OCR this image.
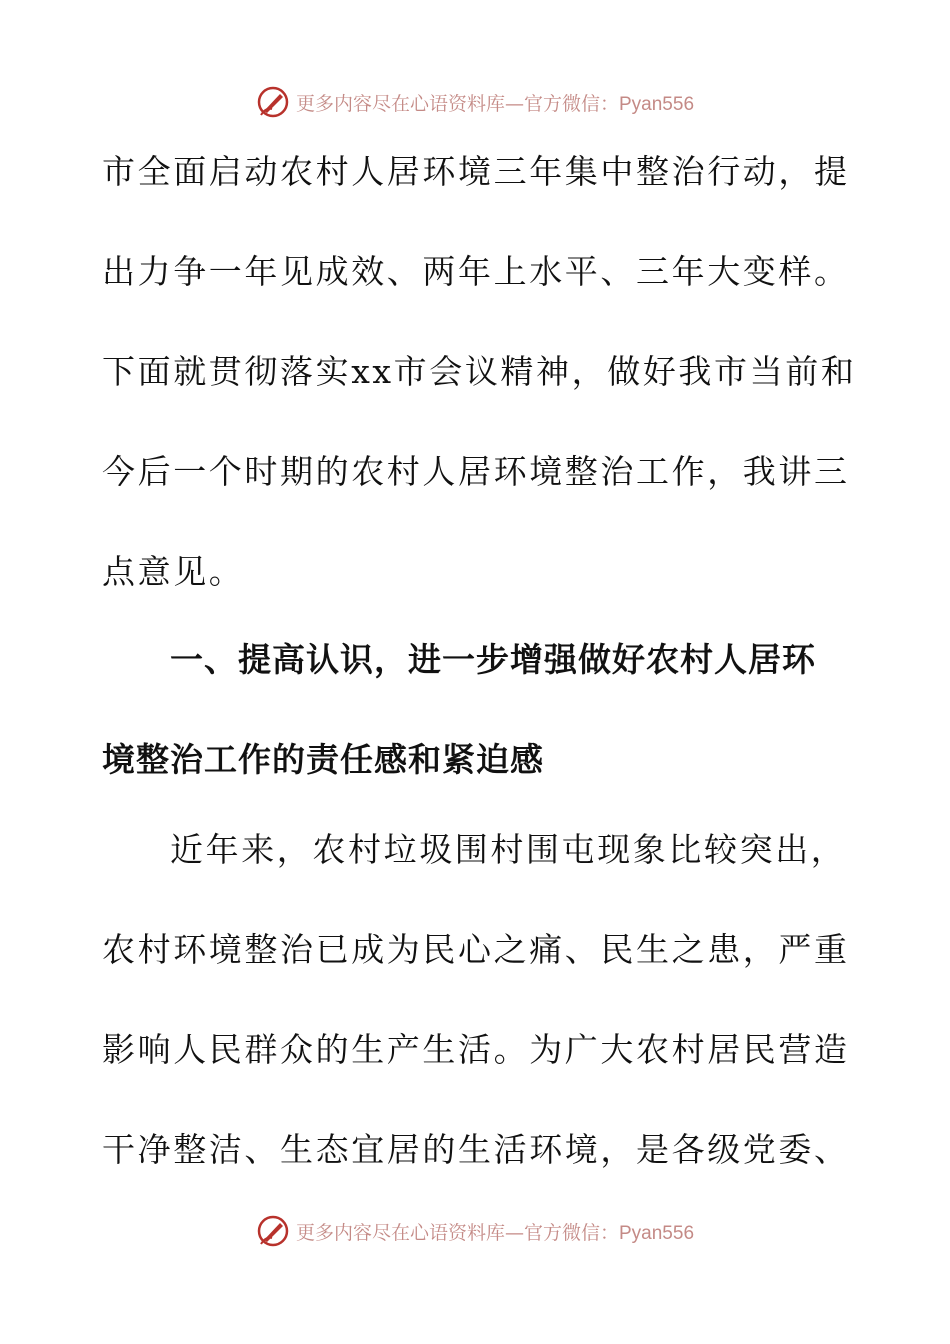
更多内容尽在心语资料库—官方微信：Pyan556
市全面启动农村人居环境三年集中整治行动，提
出力争一年见成效、两年上水平、三年大变样。
下面就贯彻落实xx市会议精神，做好我市当前和
今后一个时期的农村人居环境整治工作，我讲三
点意见。
一、提高认识，进一步增强做好农村人居环
境整治工作的责任感和紧迫感
近年来，农村垃圾围村围屯现象比较突出，
农村环境整治已成为民心之痛、民生之患，严重
影响人民群众的生产生活。为广大农村居民营造
干净整洁、生态宜居的生活环境，是各级党委、
更多内容尽在心语资料库—官方微信：Pyan556
